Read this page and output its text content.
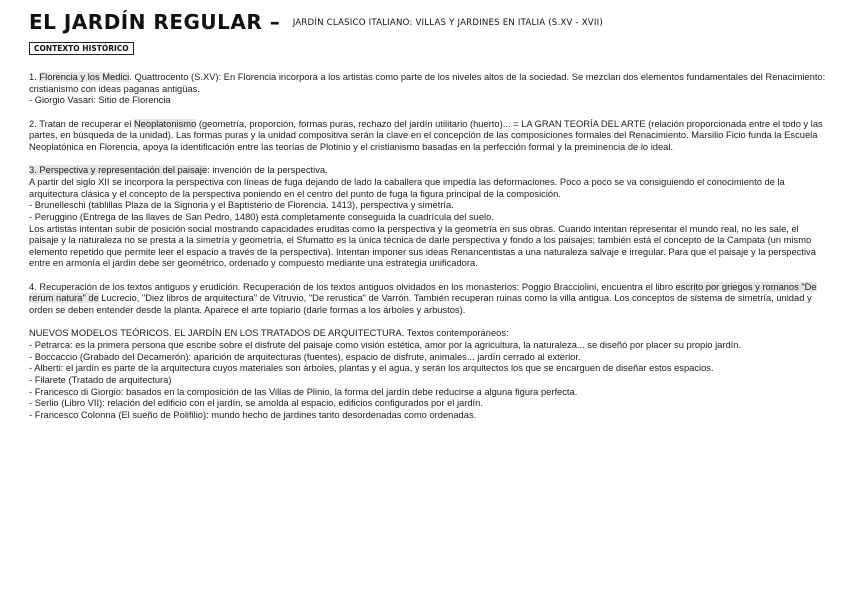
EL JARDÍN REGULAR – JARDÍN CLASICO ITALIANO: VILLAS Y JARDINES EN ITALIA (S.XV - XVII)
CONTEXTO HISTÓRICO

1. Florencia y los Medici. Quattrocento (S.XV): En Florencia incorpora a los artistas como parte de los niveles altos de la sociedad. Se mezclan dos elementos fundamentales del Renacimiento: cristianismo con ideas paganas antigüas.
- Giorgio Vasari: Sitio de Florencia

2. Tratan de recuperar el Neoplatonismo (geometría, proporción, formas puras, rechazo del jardín utilitario (huerto)... = LA GRAN TEORÍA DEL ARTE (relación proporcionada entre el todo y las partes, en búsqueda de la unidad). Las formas puras y la unidad compositiva serán la clave en el concepción de las composiciones formales del Renacimiento. Marsilio Ficio funda la Escuela Neoplatónica en Florencia, apoya la identificación entre las teorías de Plotinio y el cristianismo basadas en la perfección formal y la preminencia de lo ideal.

3. Perspectiva y representación del paisaje: invención de la perspectiva.
A partir del siglo XII se incorpora la perspectiva con líneas de fuga dejando de lado la caballera que impedía las deformaciones. Poco a poco se va consiguiendo el conocimiento de la arquitectura clásica y el concepto de la perspectiva poniendo en el centro del punto de fuga la figura principal de la composición.
- Brunelleschi (tablillas Plaza de la Signoria y el Baptisterio de Florencia. 1413), perspectiva y simetría.
- Peruggino (Entrega de las llaves de San Pedro, 1480) está completamente conseguida la cuadrícula del suelo.
Los artistas intentan subir de posición social mostrando capacidades eruditas como la perspectiva y la geometría en sus obras. Cuando intentan representar el mundo real, no les sale, el paisaje y la naturaleza no se presta a la simetría y geometría, el Sfumatto es la única técnica de darle perspectiva y fondo a los paisajes; también está el concepto de la Campata (un mismo elemento repetido que permite leer el espacio a través de la perspectiva). Intentan imponer sus ideas Renancentistas a una naturaleza salvaje e irregular. Para que el paisaje y la perspectiva entre en armonía el jardín debe ser geométrico, ordenado y compuesto mediante una estrategia unificadora.

4. Recuperación de los textos antiguos y erudición. Recuperación de los textos antiguos olvidados en los monasterios: Poggio Bracciolini, encuentra el libro escrito por griegos y romanos "De rerum natura" de Lucrecio, "Diez libros de arquitectura" de Vitruvio, "De rerustica" de Varrón. También recuperan ruinas como la villa antigua. Los conceptos de sistema de simetría, unidad y orden se deben entender desde la planta. Aparece el arte topiario (darle formas a los árboles y arbustos).

NUEVOS MODELOS TEÓRICOS. EL JARDÍN EN LOS TRATADOS DE ARQUITECTURA. Textos contemporáneos:
- Petrarca: es la primera persona que escribe sobre el disfrute del paisaje como visión estética, amor por la agricultura, la naturaleza... se diseñó por placer su propio jardín.
- Boccaccio (Grabado del Decamerón): aparición de arquitecturas (fuentes), espacio de disfrute, animales... jardín cerrado al exterior.
- Alberti: el jardín es parte de la arquitectura cuyos materiales son árboles, plantas y el agua, y serán los arquitectos los que se encarguen de diseñar estos espacios.
- Filarete (Tratado de arquitectura)
- Francesco di Giorgio: basados en la composición de las Villas de Plinio, la forma del jardín debe reducirse a alguna figura perfecta.
- Serlio (Libro VII): relación del edificio con el jardín, se amolda al espacio, edificios configurados por el jardín.
- Francesco Colonna (El sueño de Polifilio): mundo hecho de jardines tanto desordenadas como ordenadas.
